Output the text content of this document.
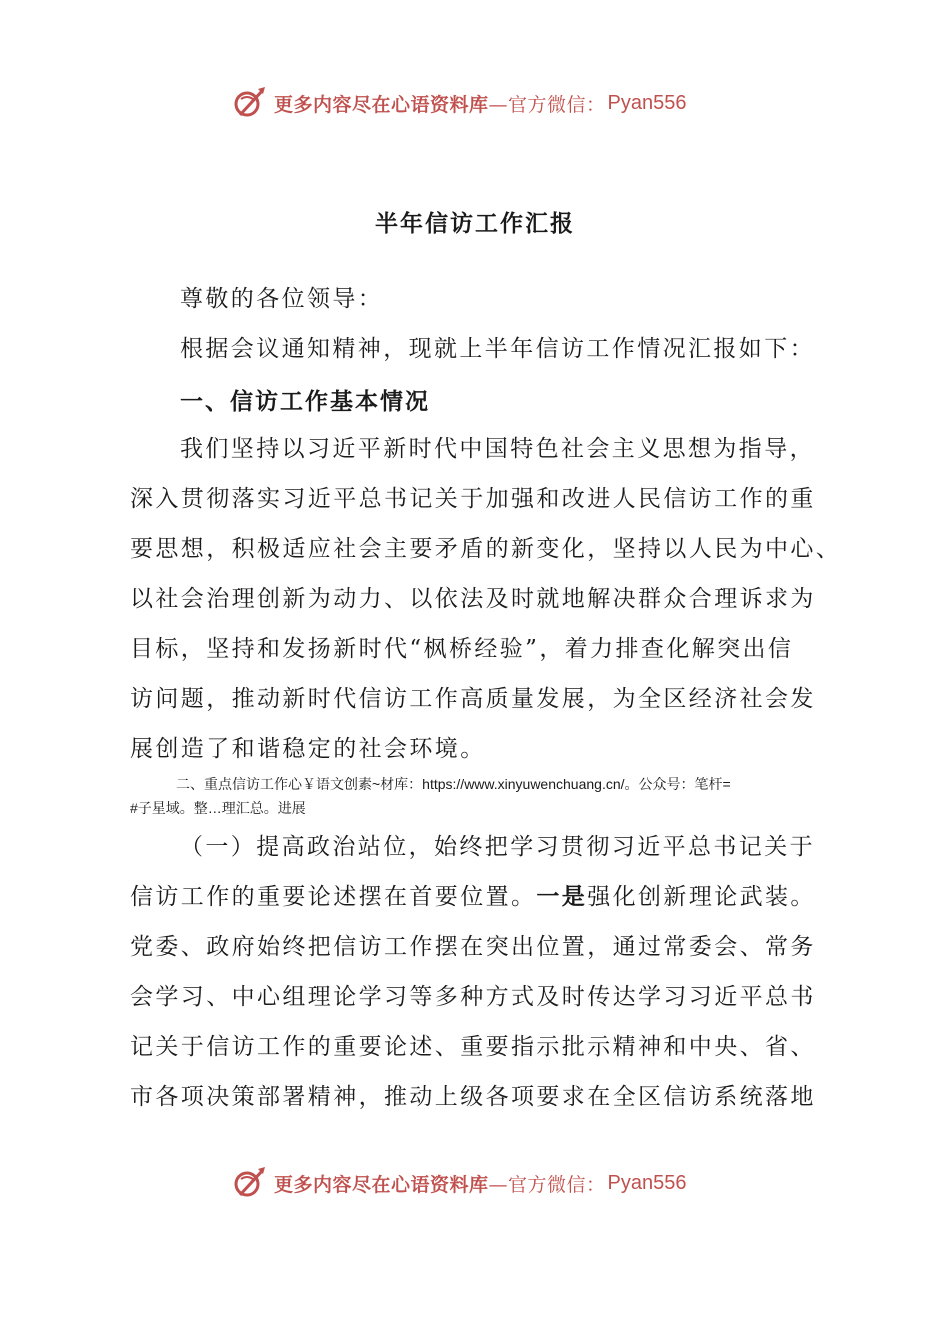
更多内容尽在心语资料库 —官方微信： Pyan556
半年信访工作汇报
尊敬的各位领导：
根据会议通知精神，现就上半年信访工作情况汇报如下：
一、信访工作基本情况
我们坚持以习近平新时代中国特色社会主义思想为指导，
深入贯彻落实习近平总书记关于加强和改进人民信访工作的重
要思想，积极适应社会主要矛盾的新变化，坚持以人民为中心、
以社会治理创新为动力、以依法及时就地解决群众合理诉求为
目标，坚持和发扬新时代“枫桥经验”，着力排查化解突出信
访问题，推动新时代信访工作高质量发展，为全区经济社会发
展创造了和谐稳定的社会环境。
二、重点信访工作心￥语文创素~材库：https://www.xinyuwenchuang.cn/。公众号：笔杆=
#子星域。整…理汇总。进展
（一）提高政治站位，始终把学习贯彻习近平总书记关于
信访工作的重要论述摆在首要位置。一是强化创新理论武装。
党委、政府始终把信访工作摆在突出位置，通过常委会、常务
会学习、中心组理论学习等多种方式及时传达学习习近平总书
记关于信访工作的重要论述、重要指示批示精神和中央、省、
市各项决策部署精神，推动上级各项要求在全区信访系统落地
更多内容尽在心语资料库 —官方微信： Pyan556
